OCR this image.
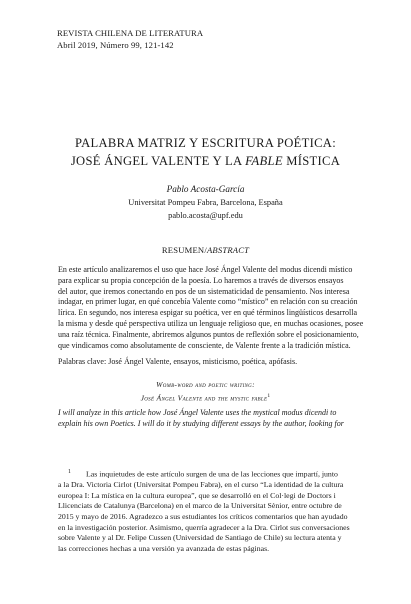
REVISTA CHILENA DE LITERATURA
Abril 2019, Número 99, 121-142
PALABRA MATRIZ Y ESCRITURA POÉTICA:
JOSÉ ÁNGEL VALENTE Y LA FABLE MÍSTICA
Pablo Acosta-García
Universitat Pompeu Fabra, Barcelona, España
pablo.acosta@upf.edu
RESUMEN/ABSTRACT
En este artículo analizaremos el uso que hace José Ángel Valente del modus dicendi místico
para explicar su propia concepción de la poesía. Lo haremos a través de diversos ensayos
del autor, que iremos conectando en pos de un sistematicidad de pensamiento. Nos interesa
indagar, en primer lugar, en qué concebía Valente como “místico” en relación con su creación
lírica. En segundo, nos interesa espigar su poética, ver en qué términos lingüísticos desarrolla
la misma y desde qué perspectiva utiliza un lenguaje religioso que, en muchas ocasiones, posee
una raíz técnica. Finalmente, abriremos algunos puntos de reflexión sobre el posicionamiento,
que vindicamos como absolutamente de consciente, de Valente frente a la tradición mística.
Palabras clave: José Ángel Valente, ensayos, misticismo, poética, apófasis.
Womb-word and poetic writing:
José Ángel Valente and the mystic fable$^1$
I will analyze in this article how José Ángel Valente uses the mystical modus dicendi to
explain his own Poetics. I will do it by studying different essays by the author, looking for
1 Las inquietudes de este artículo surgen de una de las lecciones que impartí, junto
a la Dra. Victoria Cirlot (Universitat Pompeu Fabra), en el curso “La identidad de la cultura
europea I: La mística en la cultura europea”, que se desarrolló en el Col·legi de Doctors i
Llicenciats de Catalunya (Barcelona) en el marco de la Universitat Sènior, entre octubre de
2015 y mayo de 2016. Agradezco a sus estudiantes los críticos comentarios que han ayudado
en la investigación posterior. Asimismo, querría agradecer a la Dra. Cirlot sus conversaciones
sobre Valente y al Dr. Felipe Cussen (Universidad de Santiago de Chile) su lectura atenta y
las correcciones hechas a una versión ya avanzada de estas páginas.
